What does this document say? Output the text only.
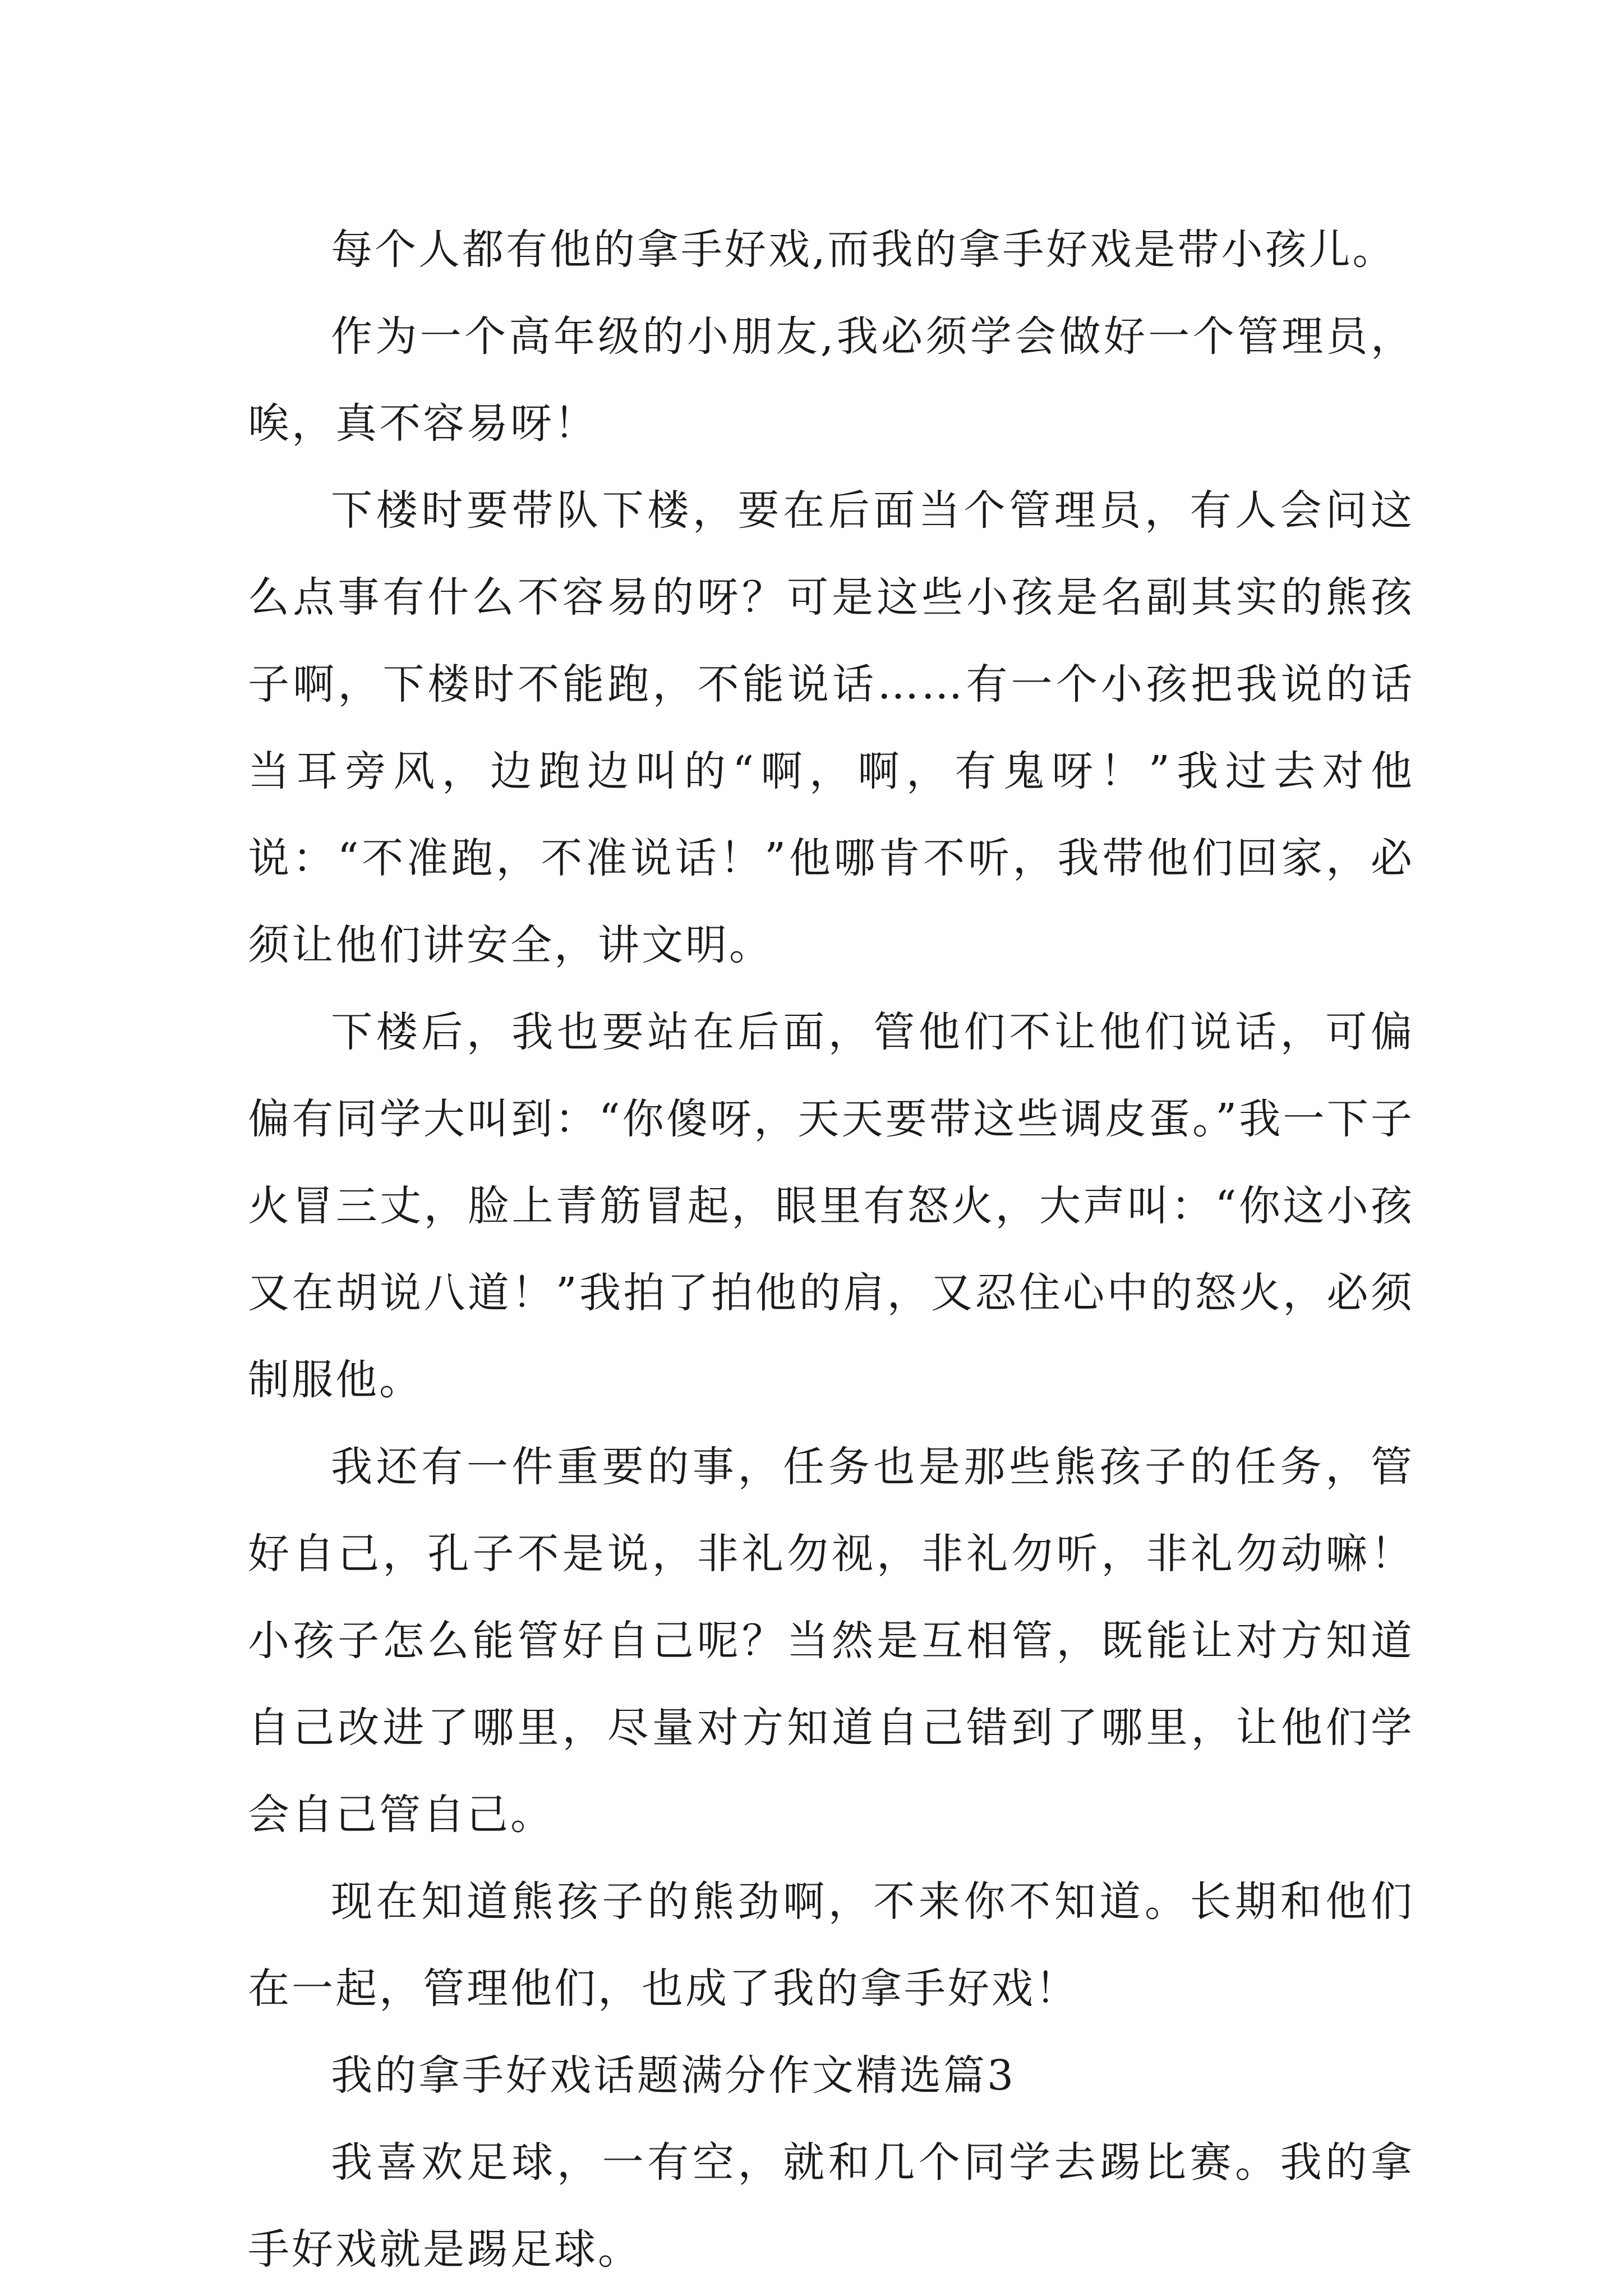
每个人都有他的拿手好戏,而我的拿手好戏是带小孩儿。

作为一个高年级的小朋友,我必须学会做好一个管理员，唉，真不容易呀！

下楼时要带队下楼，要在后面当个管理员，有人会问这么点事有什么不容易的呀？可是这些小孩是名副其实的熊孩子啊，下楼时不能跑，不能说话……有一个小孩把我说的话当耳旁风，边跑边叫的“啊，啊，有鬼呀！”我过去对他说：“不准跑，不准说话！”他哪肯不听，我带他们回家，必须让他们讲安全，讲文明。

下楼后，我也要站在后面，管他们不让他们说话，可偏偏有同学大叫到：“你傻呀，天天要带这些调皮蛋。”我一下子火冒三丈，脸上青筋冒起，眼里有怒火，大声叫：“你这小孩又在胡说八道！”我拍了拍他的肩，又忍住心中的怒火，必须制服他。

我还有一件重要的事，任务也是那些熊孩子的任务，管好自己，孔子不是说，非礼勿视，非礼勿听，非礼勿动嘛！小孩子怎么能管好自己呢？当然是互相管，既能让对方知道自己改进了哪里，尽量对方知道自己错到了哪里，让他们学会自己管自己。

现在知道熊孩子的熊劲啊，不来你不知道。长期和他们在一起，管理他们，也成了我的拿手好戏！

我的拿手好戏话题满分作文精选篇3

我喜欢足球，一有空，就和几个同学去踢比赛。我的拿手好戏就是踢足球。
